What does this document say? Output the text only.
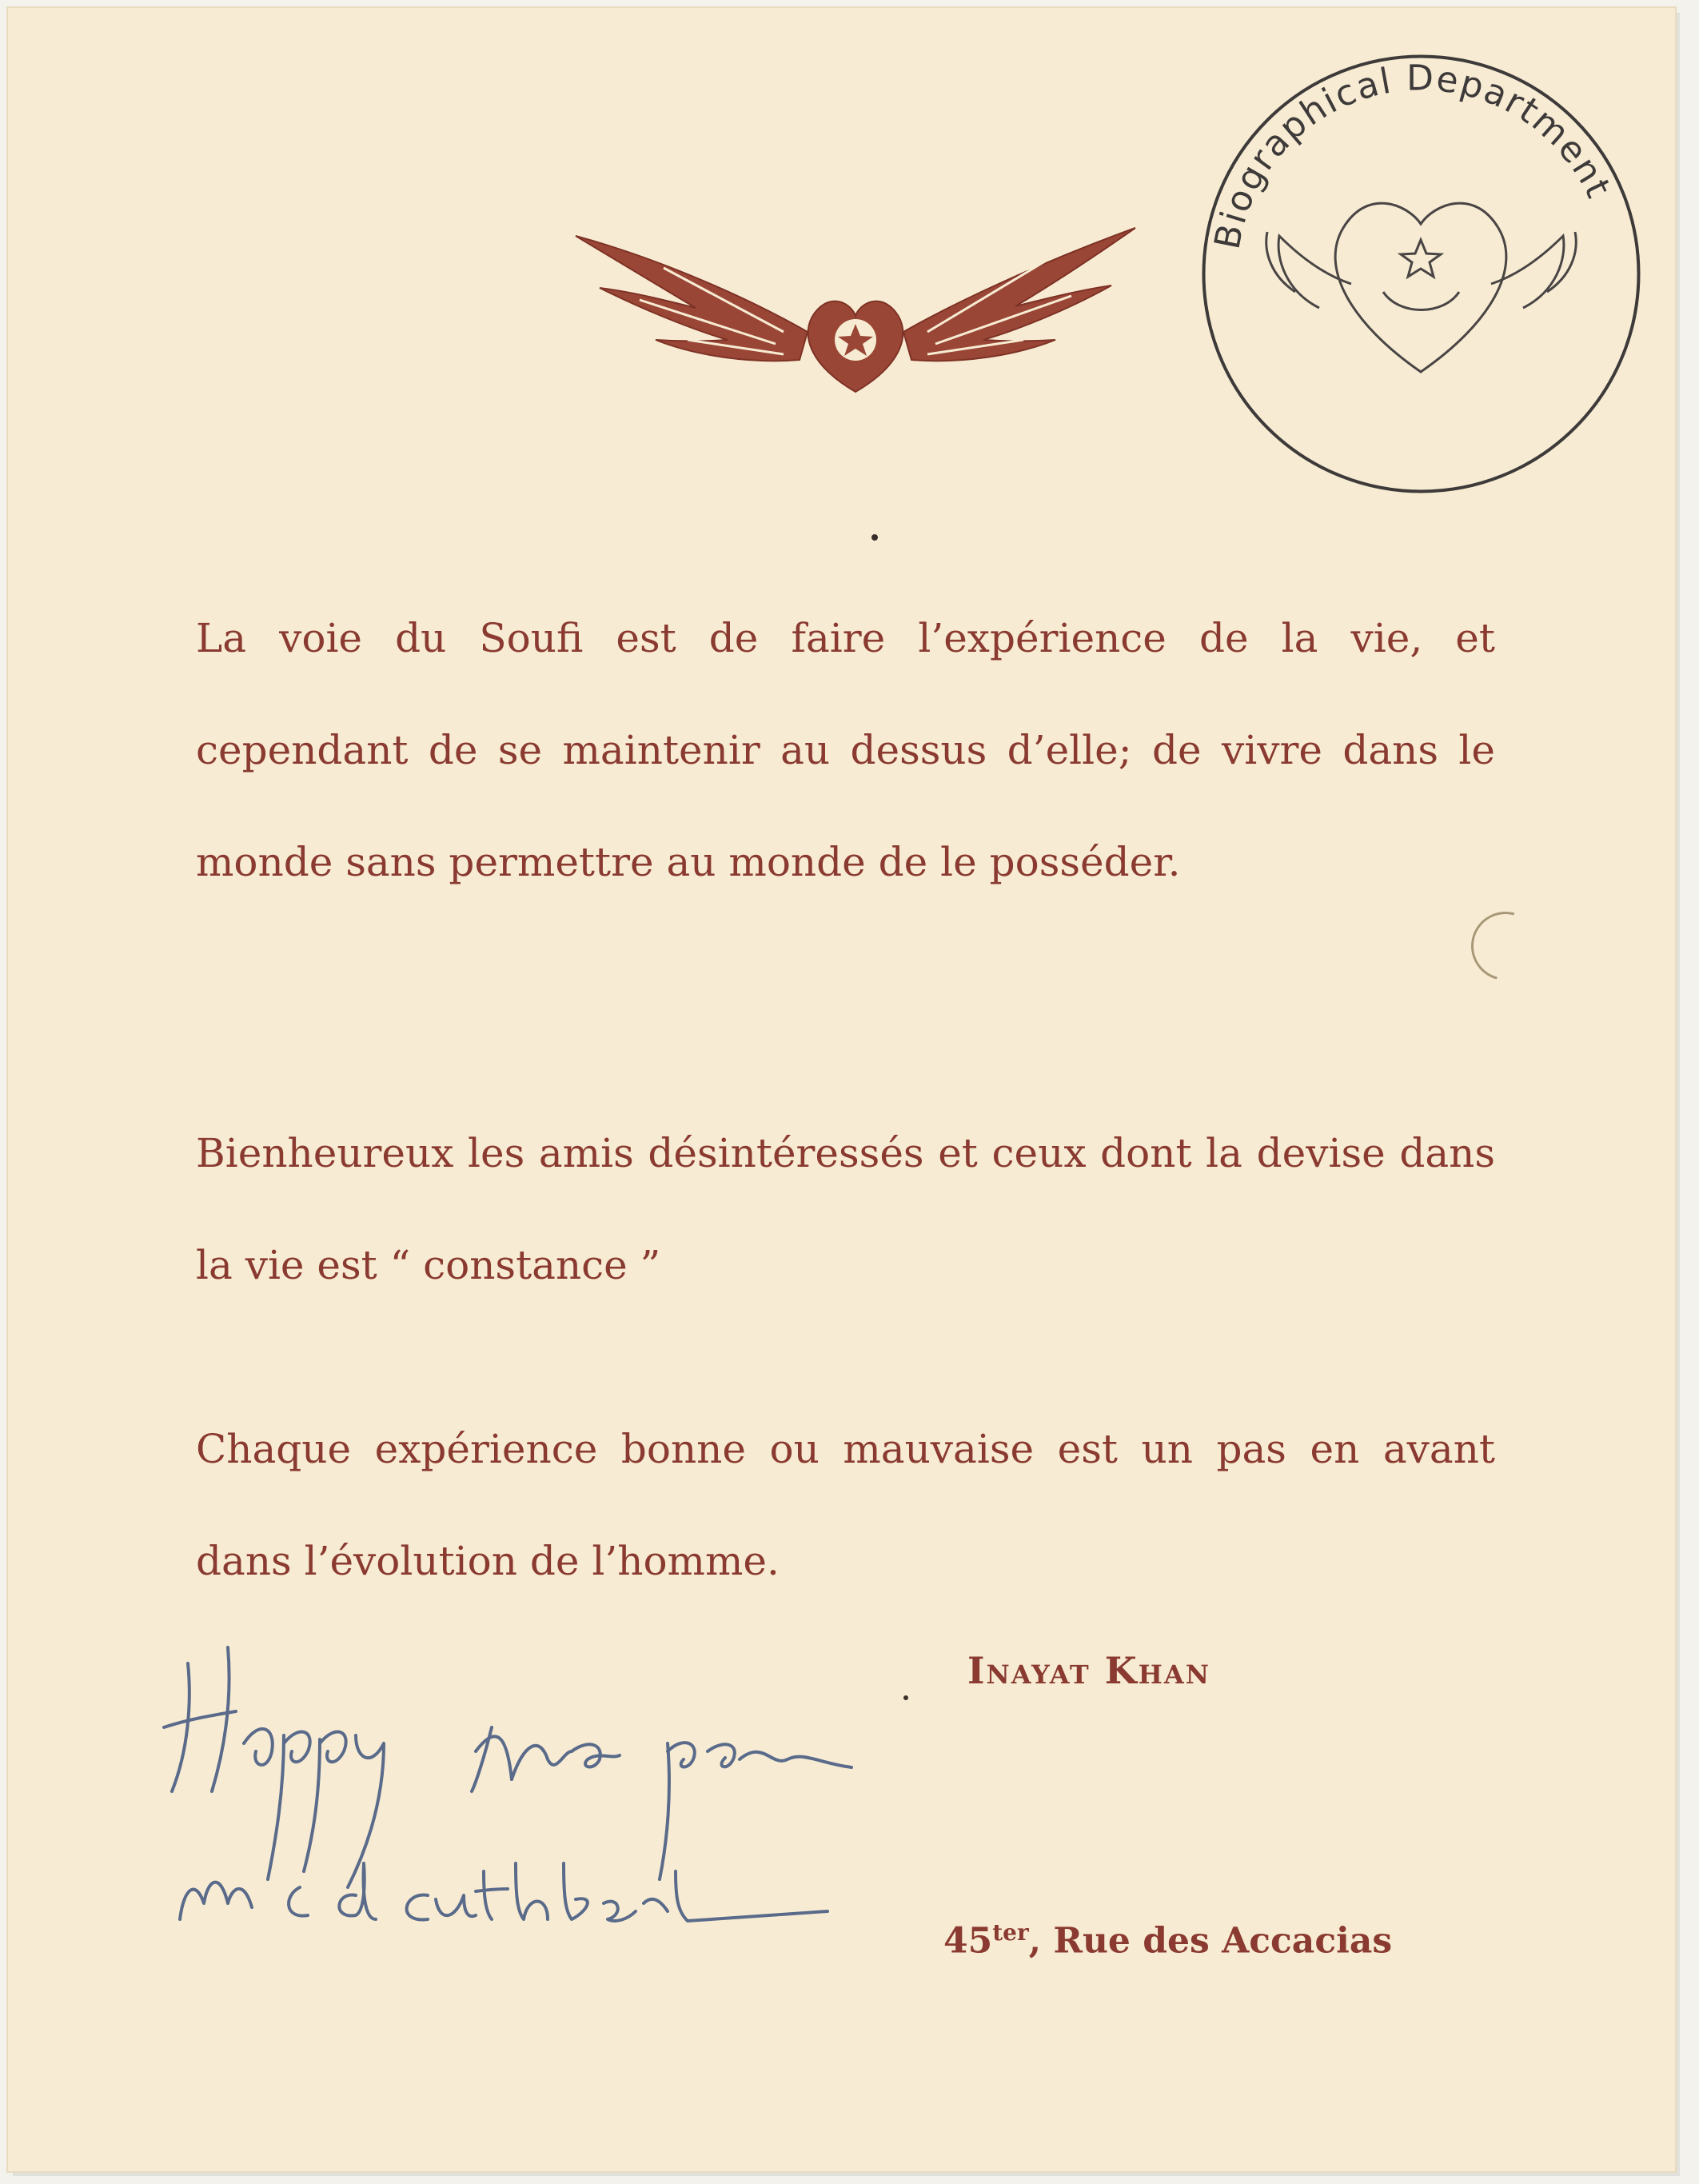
Biographical Department
La voie du Soufi est de faire l’expérience de la vie, et cependant de se maintenir au dessus d’elle; de vivre dans le monde sans permettre au monde de le posséder.
Bienheureux les amis désintéressés et ceux dont la devise dans la vie est “ constance ”
Chaque expérience bonne ou mauvaise est un pas en avant dans l’évolution de l’homme.
Inayat Khan
$45^{ter}$, Rue des Accacias
